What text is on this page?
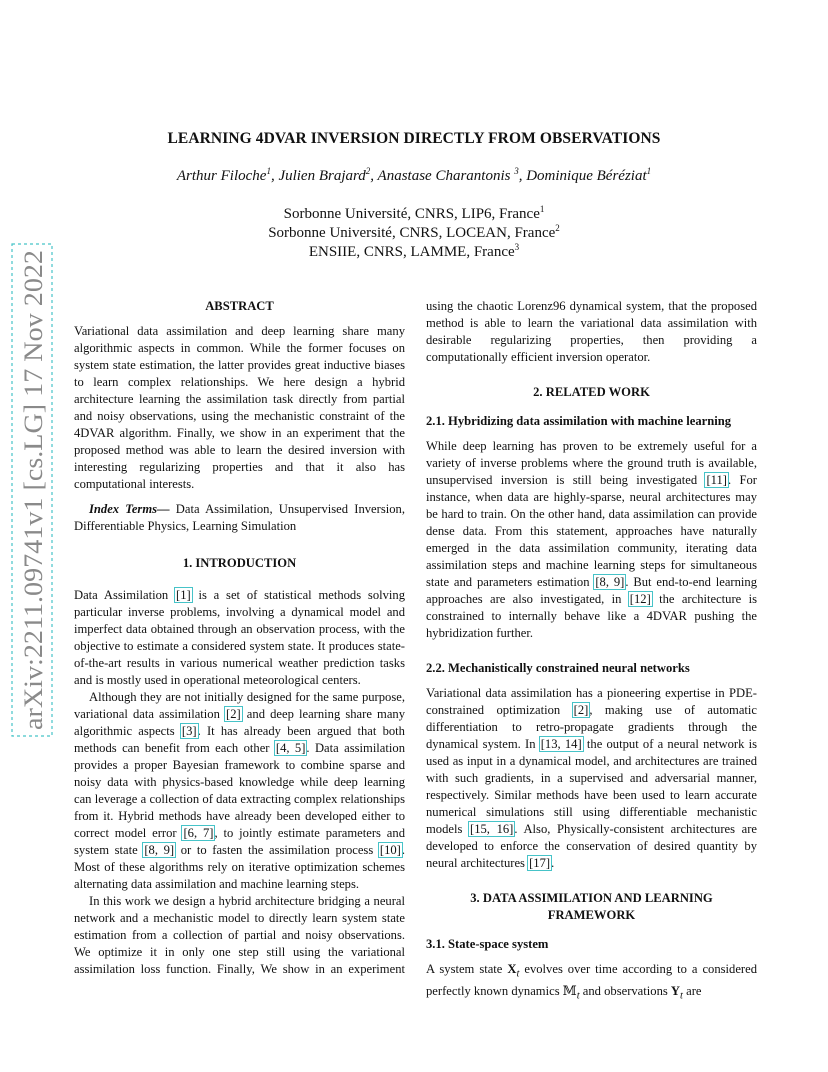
arXiv:2211.09741v1 [cs.LG] 17 Nov 2022
LEARNING 4DVAR INVERSION DIRECTLY FROM OBSERVATIONS
Arthur Filoche$^1$, Julien Brajard$^2$, Anastase Charantonis $^3$, Dominique Béréziat$^1$
Sorbonne Université, CNRS, LIP6, France$^1$
Sorbonne Université, CNRS, LOCEAN, France$^2$
ENSIIE, CNRS, LAMME, France$^3$
ABSTRACT

Variational data assimilation and deep learning share many algorithmic aspects in common. While the former focuses on system state estimation, the latter provides great inductive biases to learn complex relationships. We here design a hybrid architecture learning the assimilation task directly from partial and noisy observations, using the mechanistic constraint of the 4DVAR algorithm. Finally, we show in an experiment that the proposed method was able to learn the desired inversion with interesting regularizing properties and that it also has computational interests.

Index Terms— Data Assimilation, Unsupervised Inversion, Differentiable Physics, Learning Simulation

1. INTRODUCTION

Data Assimilation [1] is a set of statistical methods solving particular inverse problems, involving a dynamical model and imperfect data obtained through an observation process, with the objective to estimate a considered system state. It produces state-of-the-art results in various numerical weather prediction tasks and is mostly used in operational meteorological centers.

Although they are not initially designed for the same purpose, variational data assimilation [2] and deep learning share many algorithmic aspects [3]. It has already been argued that both methods can benefit from each other [4, 5]. Data assimilation provides a proper Bayesian framework to combine sparse and noisy data with physics-based knowledge while deep learning can leverage a collection of data extracting complex relationships from it. Hybrid methods have already been developed either to correct model error [6, 7], to jointly estimate parameters and system state [8, 9] or to fasten the assimilation process [10]. Most of these algorithms rely on iterative optimization schemes alternating data assimilation and machine learning steps.

In this work we design a hybrid architecture bridging a neural network and a mechanistic model to directly learn system state estimation from a collection of partial and noisy observations. We optimize it in only one step still using the variational assimilation loss function. Finally, We show in an experiment

using the chaotic Lorenz96 dynamical system, that the proposed method is able to learn the variational data assimilation with desirable regularizing properties, then providing a computationally efficient inversion operator.

2. RELATED WORK
2.1. Hybridizing data assimilation with machine learning

While deep learning has proven to be extremely useful for a variety of inverse problems where the ground truth is available, unsupervised inversion is still being investigated [11]. For instance, when data are highly-sparse, neural architectures may be hard to train. On the other hand, data assimilation can provide dense data. From this statement, approaches have naturally emerged in the data assimilation community, iterating data assimilation steps and machine learning steps for simultaneous state and parameters estimation [8, 9]. But end-to-end learning approaches are also investigated, in [12] the architecture is constrained to internally behave like a 4DVAR pushing the hybridization further.

2.2. Mechanistically constrained neural networks

Variational data assimilation has a pioneering expertise in PDE-constrained optimization [2], making use of automatic differentiation to retro-propagate gradients through the dynamical system. In [13, 14] the output of a neural network is used as input in a dynamical model, and architectures are trained with such gradients, in a supervised and adversarial manner, respectively. Similar methods have been used to learn accurate numerical simulations still using differentiable mechanistic models [15, 16]. Also, Physically-consistent architectures are developed to enforce the conservation of desired quantity by neural architectures [17].

3. DATA ASSIMILATION AND LEARNING
FRAMEWORK
3.1. State-space system

A system state $X_t$ evolves over time according to a considered perfectly known dynamics 𝕄$_t$ and observations $Y_t$ are
